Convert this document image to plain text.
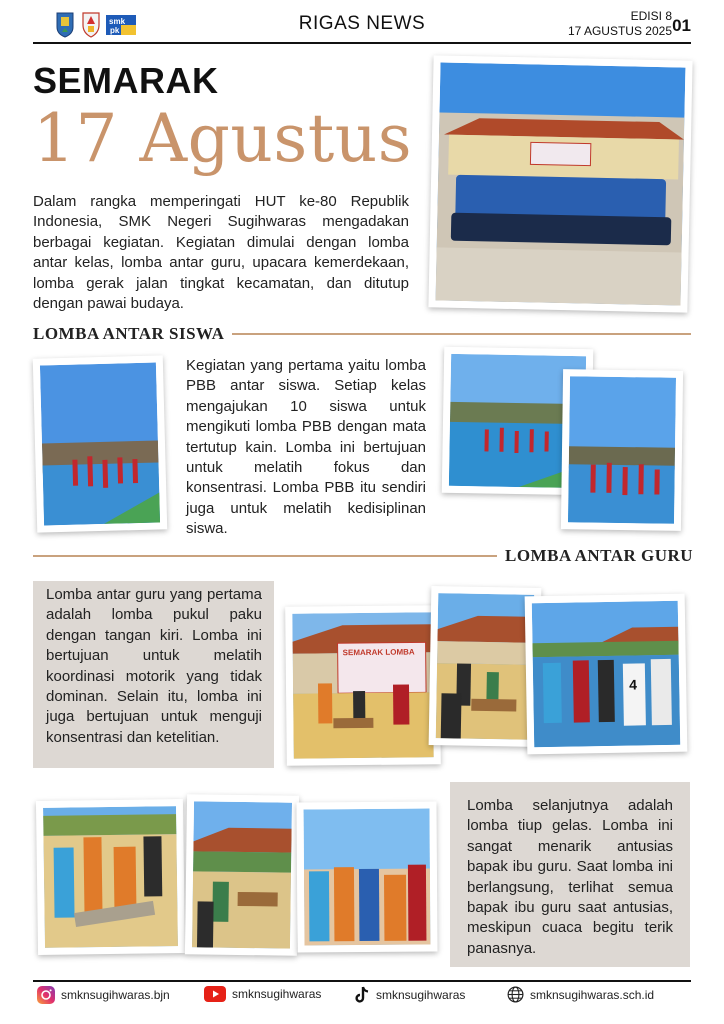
smk
pk	RIGAS NEWS	EDISI 8
17 AGUSTUS 2025 01
SEMARAK
17 Agustus
Dalam rangka memperingati HUT ke-80 Republik Indonesia, SMK Negeri Sugihwaras mengadakan berbagai kegiatan. Kegiatan dimulai dengan lomba antar kelas, lomba antar guru, upacara kemerdekaan, lomba gerak jalan tingkat kecamatan, dan ditutup dengan pawai budaya.
LOMBA ANTAR SISWA
Kegiatan yang pertama yaitu lomba PBB antar siswa. Setiap kelas mengajukan 10 siswa untuk mengikuti lomba PBB dengan mata tertutup kain. Lomba ini bertujuan untuk melatih fokus dan konsentrasi. Lomba PBB itu sendiri juga untuk melatih kedisiplinan siswa.
LOMBA ANTAR GURU
Lomba antar guru yang pertama adalah lomba pukul paku dengan tangan kiri. Lomba ini bertujuan untuk melatih koordinasi motorik yang tidak dominan. Selain itu, lomba ini juga bertujuan untuk menguji konsentrasi dan ketelitian.
SEMARAK LOMBA
4
Lomba selanjutnya adalah lomba tiup gelas. Lomba ini sangat menarik antusias bapak ibu guru. Saat lomba ini berlangsung, terlihat semua bapak ibu guru saat antusias, meskipun cuaca begitu terik panasnya.
smknsugihwaras.bjn	smknsugihwaras	smknsugihwaras	smknsugihwaras.sch.id
